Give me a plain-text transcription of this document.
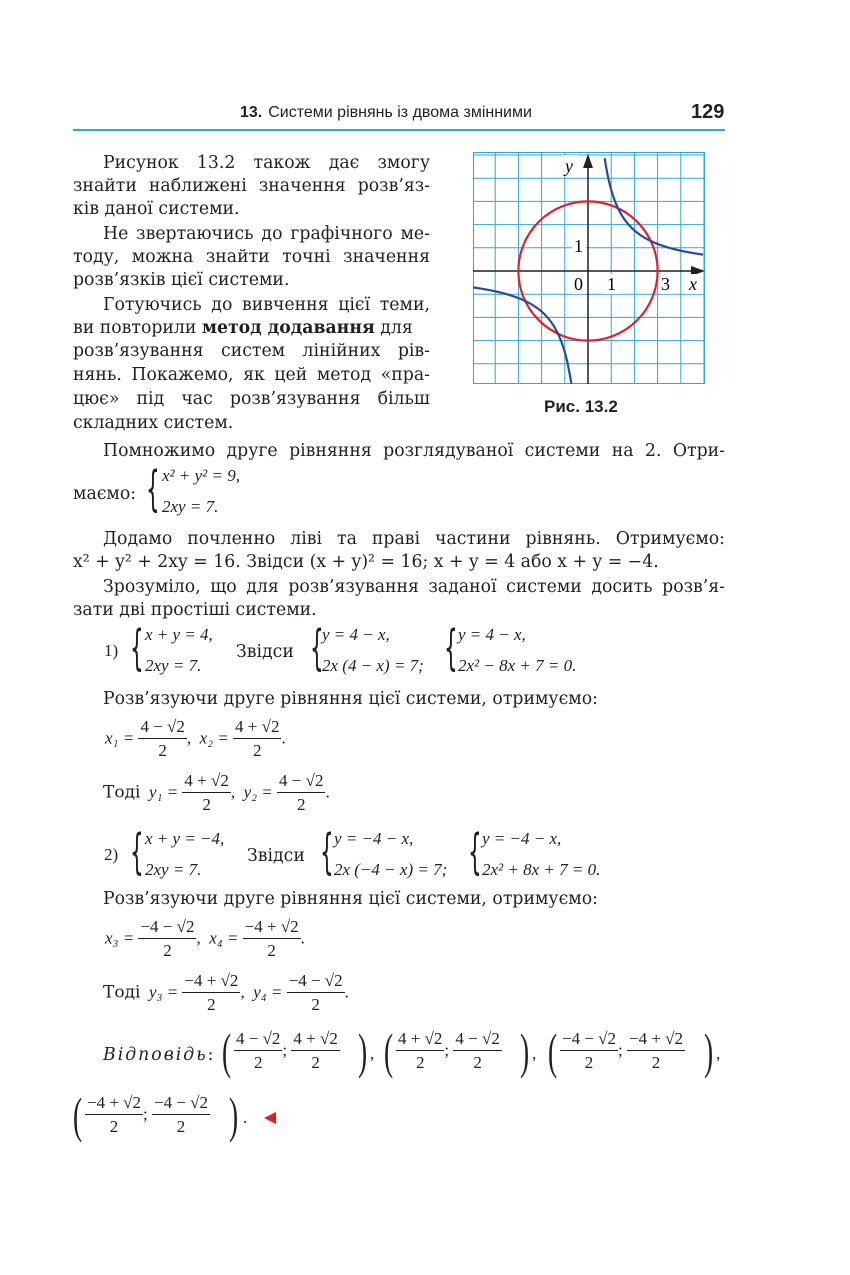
13. Системи рівнянь із двома змінними	129
Рисунок 13.2 також дає змогу
знайти наближені значення розв’яз-
ків даної системи.
Не звертаючись до графічного ме-
тоду, можна знайти точні значення
розв’язків цієї системи.
Готуючись до вивчення цієї теми,
ви повторили метод додавання для
розв’язування систем лінійних рів-
нянь. Покажемо, як цей метод «пра-
цює» під час розв’язування більш
складних систем.
y
x
0 1
1
3
Рис. 13.2
Помножимо друге рівняння розглядуваної системи на 2. Отри-
маємо: { x² + y² = 9,
2xy = 7.
Додамо почленно ліві та праві частини рівнянь. Отримуємо:
x² + y² + 2xy = 16. Звідси (x + y)² = 16; x + y = 4 або x + y = −4.
Зрозуміло, що для розв’язування заданої системи досить розв’я-
зати дві простіші системи.
1) { x + y = 4,
2xy = 7.
Звідси {
y = 4 − x,
2x (4 − x) = 7; { y = 4 − x,
2x² − 8x + 7 = 0.
Розв’язуючи друге рівняння цієї системи, отримуємо:
$x_1 = \frac{4 - √2}{2}$ ,  $x_2 = \frac{4 + √2}{2}$ .
Тоді $y_1 = \frac{4 + √2}{2}$ ,  $y_2 = \frac{4 - √2}{2}$ .
2) { x + y = −4,
2xy = 7.
Звідси { y = −4 − x,
2x (−4 − x) = 7; { y = −4 − x,
2x² + 8x + 7 = 0.
Розв’язуючи друге рівняння цієї системи, отримуємо:
$x_3 = \frac{-4 - √2}{2}$ ,  $x_4 = \frac{-4 + √2}{2}$ .
Тоді $y_3 = \frac{-4 + √2}{2}$ ,  $y_4 = \frac{-4 - √2}{2}$ .
Відповідь: ( $\frac{4 - √2}{2}$ ; $\frac{4 + √2}{2}$ ) , ( $\frac{4 + √2}{2}$ ; $\frac{4 - √2}{2}$ ) , ( $\frac{-4 - √2}{2}$ ; $\frac{-4 + √2}{2}$ ) ,
( $\frac{-4 + √2}{2}$ ; $\frac{-4 - √2}{2}$ ) .
